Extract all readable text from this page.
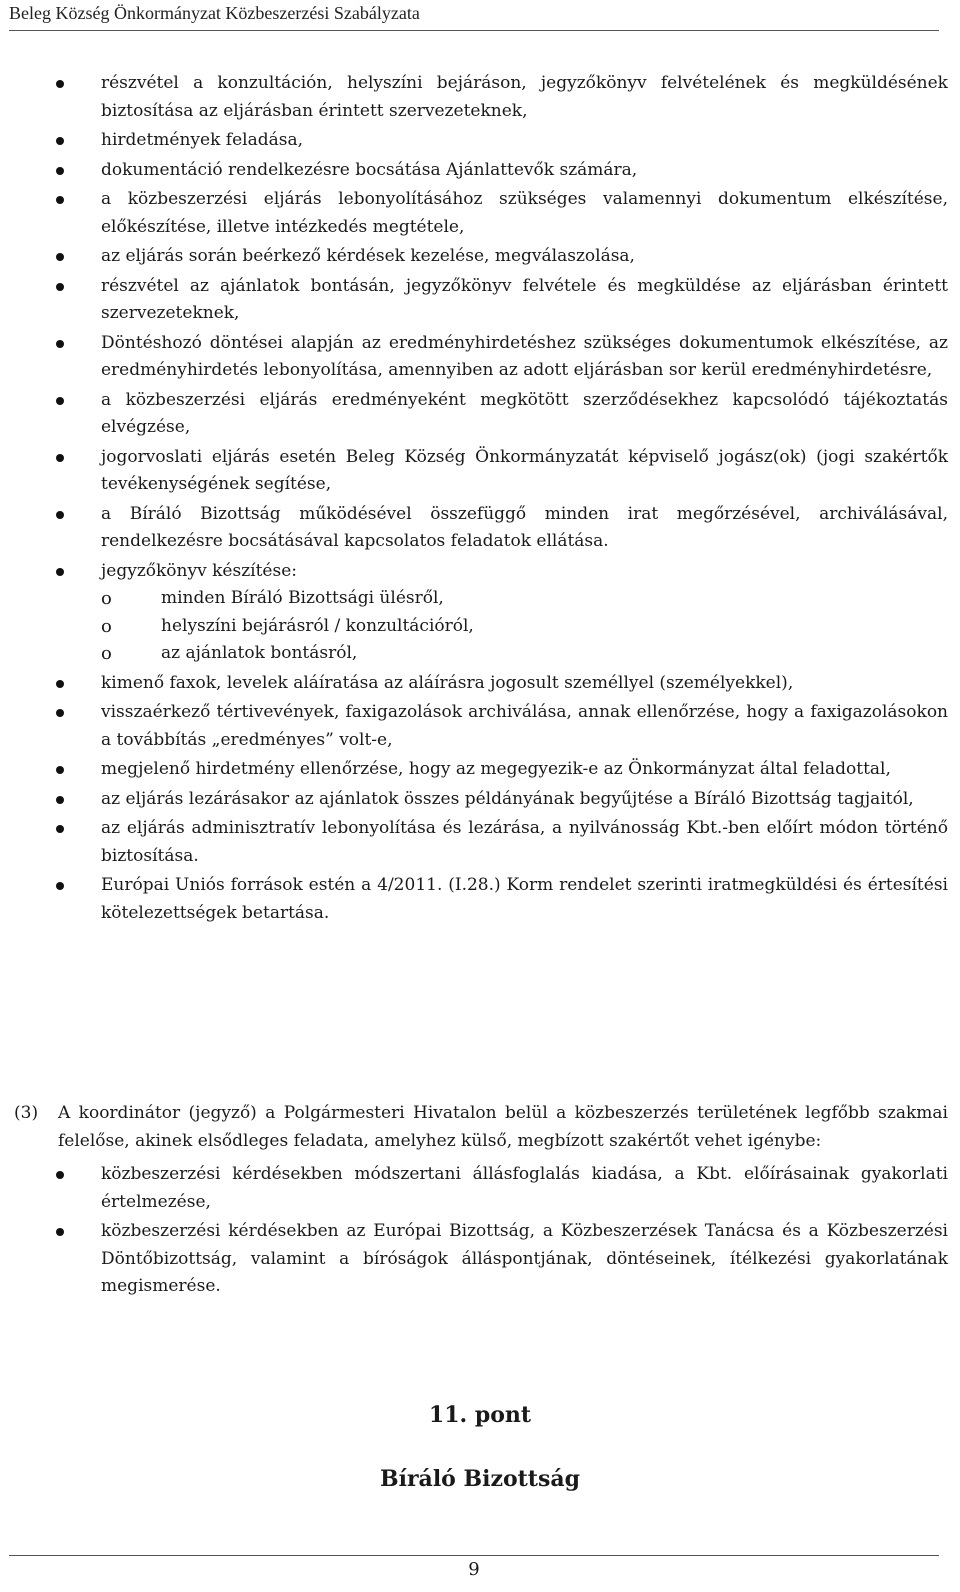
Beleg Község Önkormányzat Közbeszerzési Szabályzata
részvétel a konzultáción, helyszíni bejáráson, jegyzőkönyv felvételének és megküldésének biztosítása az eljárásban érintett szervezeteknek,
hirdetmények feladása,
dokumentáció rendelkezésre bocsátása Ajánlattevők számára,
a közbeszerzési eljárás lebonyolításához szükséges valamennyi dokumentum elkészítése, előkészítése, illetve intézkedés megtétele,
az eljárás során beérkező kérdések kezelése, megválaszolása,
részvétel az ajánlatok bontásán, jegyzőkönyv felvétele és megküldése az eljárásban érintett szervezeteknek,
Döntéshozó döntései alapján az eredményhirdetéshez szükséges dokumentumok elkészítése, az eredményhirdetés lebonyolítása, amennyiben az adott eljárásban sor kerül eredményhirdetésre,
a közbeszerzési eljárás eredményeként megkötött szerződésekhez kapcsolódó tájékoztatás elvégzése,
jogorvoslati eljárás esetén Beleg Község Önkormányzatát képviselő jogász(ok) (jogi szakértők tevékenységének segítése,
a Bíráló Bizottság működésével összefüggő minden irat megőrzésével, archiválásával, rendelkezésre bocsátásával kapcsolatos feladatok ellátása.
jegyzőkönyv készítése:
o	minden Bíráló Bizottsági ülésről,
o	helyszíni bejárásról / konzultációról,
o	az ajánlatok bontásról,
kimenő faxok, levelek aláíratása az aláírásra jogosult személlyel (személyekkel),
visszaérkező tértivevények, faxigazolások archiválása, annak ellenőrzése, hogy a faxigazolásokon a továbbítás „eredményes” volt-e,
megjelenő hirdetmény ellenőrzése, hogy az megegyezik-e az Önkormányzat által feladottal,
az eljárás lezárásakor az ajánlatok összes példányának begyűjtése a Bíráló Bizottság tagjaitól,
az eljárás adminisztratív lebonyolítása és lezárása, a nyilvánosság Kbt.-ben előírt módon történő biztosítása.
Európai Uniós források estén a 4/2011. (I.28.) Korm rendelet szerinti iratmegküldési és értesítési kötelezettségek betartása.
(3) A koordinátor (jegyző) a Polgármesteri Hivatalon belül a közbeszerzés területének legfőbb szakmai felelőse, akinek elsődleges feladata, amelyhez külső, megbízott szakértőt vehet igénybe:
közbeszerzési kérdésekben módszertani állásfoglalás kiadása, a Kbt. előírásainak gyakorlati értelmezése,
közbeszerzési kérdésekben az Európai Bizottság, a Közbeszerzések Tanácsa és a Közbeszerzési Döntőbizottság, valamint a bíróságok álláspontjának, döntéseinek, ítélkezési gyakorlatának megismerése.
11. pont
Bíráló Bizottság
9
